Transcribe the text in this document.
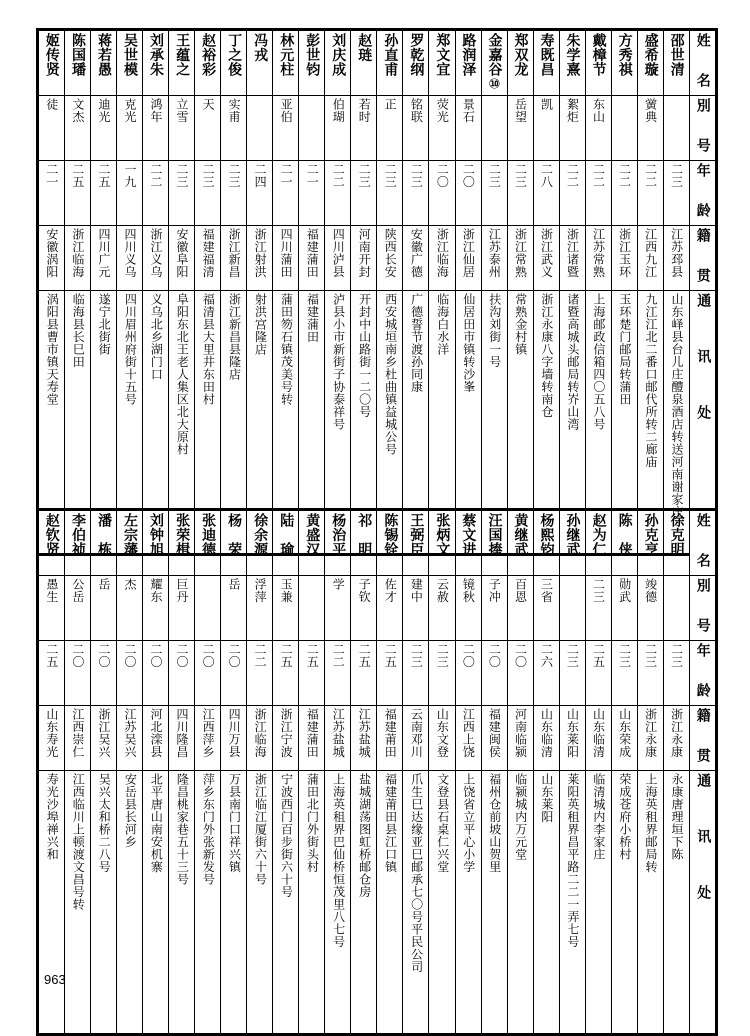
姬传贤	陈国璠	蒋若愚	吴世模	刘承朱	王蕴之	赵裕彩	丁之俊	冯戎	林元柱	彭世钧	刘庆成	赵琏	孙直甫	罗乾纲	郑文宜	路润泽	金嘉谷⑩	郑双龙	寿既昌	朱学熹	戴樟节	方秀祺	盛希璇	邵世清	姓　名

徒	文杰	迪光	克光	鸿年	立雪	天	实甫		亚伯		伯瑚	若时	正	铭联	荧光	景石		岳望	凯	絮炬	东山		黉典		別　号

二一	二五	二五	一九	二二	二三	二三	二三	二四	二一	二一	二二	二三	二三	二三	二〇	二〇	二三	二三	二八	二二	二二	二二	二二	二三	年　龄

安徽涡阳	浙江临海	四川广元	四川义乌	浙江义乌	安徽阜阳	福建福清	浙江新昌	浙江射洪	四川蒲田	福建蒲田	四川泸县	河南开封	陕西长安	安徽广德	浙江临海	浙江仙居	江苏泰州	浙江常熟	浙江武义	浙江诸暨	江苏常熟	浙江玉环	江西九江	江苏邳县	籍　贯

涡阳县曹市镇天寿堂	临海县长巳田	遂宁北街街	四川眉州府街十五号	义乌北乡湖门口	阜阳东北王老人集区北大原村	福清县大里井东田村	浙江新昌县隆店	射洪宫隆店	蒲田笏石镇茂美号转	福建蒲田	泸县小市新街子协泰祥号	开封中山路街一二〇号	西安城垣南乡杜曲镇益城公号	广德誓节渡孙同康	临海白水洋	仙居田市镇转沙峯	扶沟刘街一号	常熟金村镇	浙江永康八字墙转南仓	诸暨高城头邮局转岕山湾	上海邮政信箱四〇五八号	玉环楚门邮局转蒲田	九江江北二番口邮代所转二廊庙	山东峄县台儿庄醴泉酒店转送河南谢家庄	通　讯　处
赵钦贤	李伯祯	潘　栋	左宗藩	刘钟旭	张荣楫	张迪德	杨　荣	徐余源	陆　瑜	黄盛汉	杨治平	祁　明	陈锡铨	王弼臣	张炳文	蔡文进	汪国捧	黄继武	杨熙钧	孙继武	赵为仁	陈　侠	孙克亨	徐克明	姓　名

愚生	公岳	岳	杰	耀东	巨丹		岳	浮萍	玉兼		学	子钦	佐才	建中	云赦	镜秋	子冲	百恩	三省		二三	勋武	竣德		別　号

二五	二〇	二〇	二〇	二〇	二〇	二〇	二〇	二二	二五	二五	二二	二五	二五	二三	二三	二〇	二〇	二〇	二六	二三	二五	二三	二三	二三	年　龄

山东寿光	江西崇仁	浙江吴兴	江苏吴兴	河北滦县	四川隆昌	江西萍乡	四川万县	浙江临海	浙江宁波	福建蒲田	江苏盐城	江苏盐城	福建莆田	云南邓川	山东文登	江西上饶	福建闽侯	河南临颍	山东临清	山东莱阳	山东临清	山东荣成	浙江永康	浙江永康	籍　贯

寿光沙埠禅兴和	江西临川上顿渡文昌号转	吴兴太和桥二八号	安岳县长河乡	北平唐山南安机寨	隆昌桃家巷五十三号	萍乡东门外张新发号	万县南门口祥兴镇	浙江临江厦街六十号	宁波西门百步街六十号	蒲田北门外街头村	上海英租界巴仙桥恒茂里八七号	盐城湖荡图虹桥邮仓房	福建莆田县江口镇	爪生巳达缘亚巳邮承七〇号平民公司	文登县石桌仁兴堂	上饶省立平心小学	福州仓前坡山贺里	临颍城内万元堂	山东莱阳	莱阳英租界昌平路二二一弄七号	临清城内李家庄	荣成苍府小桥村	上海英租界邮局转	永康唐理垣下陈	通　讯　处
963
